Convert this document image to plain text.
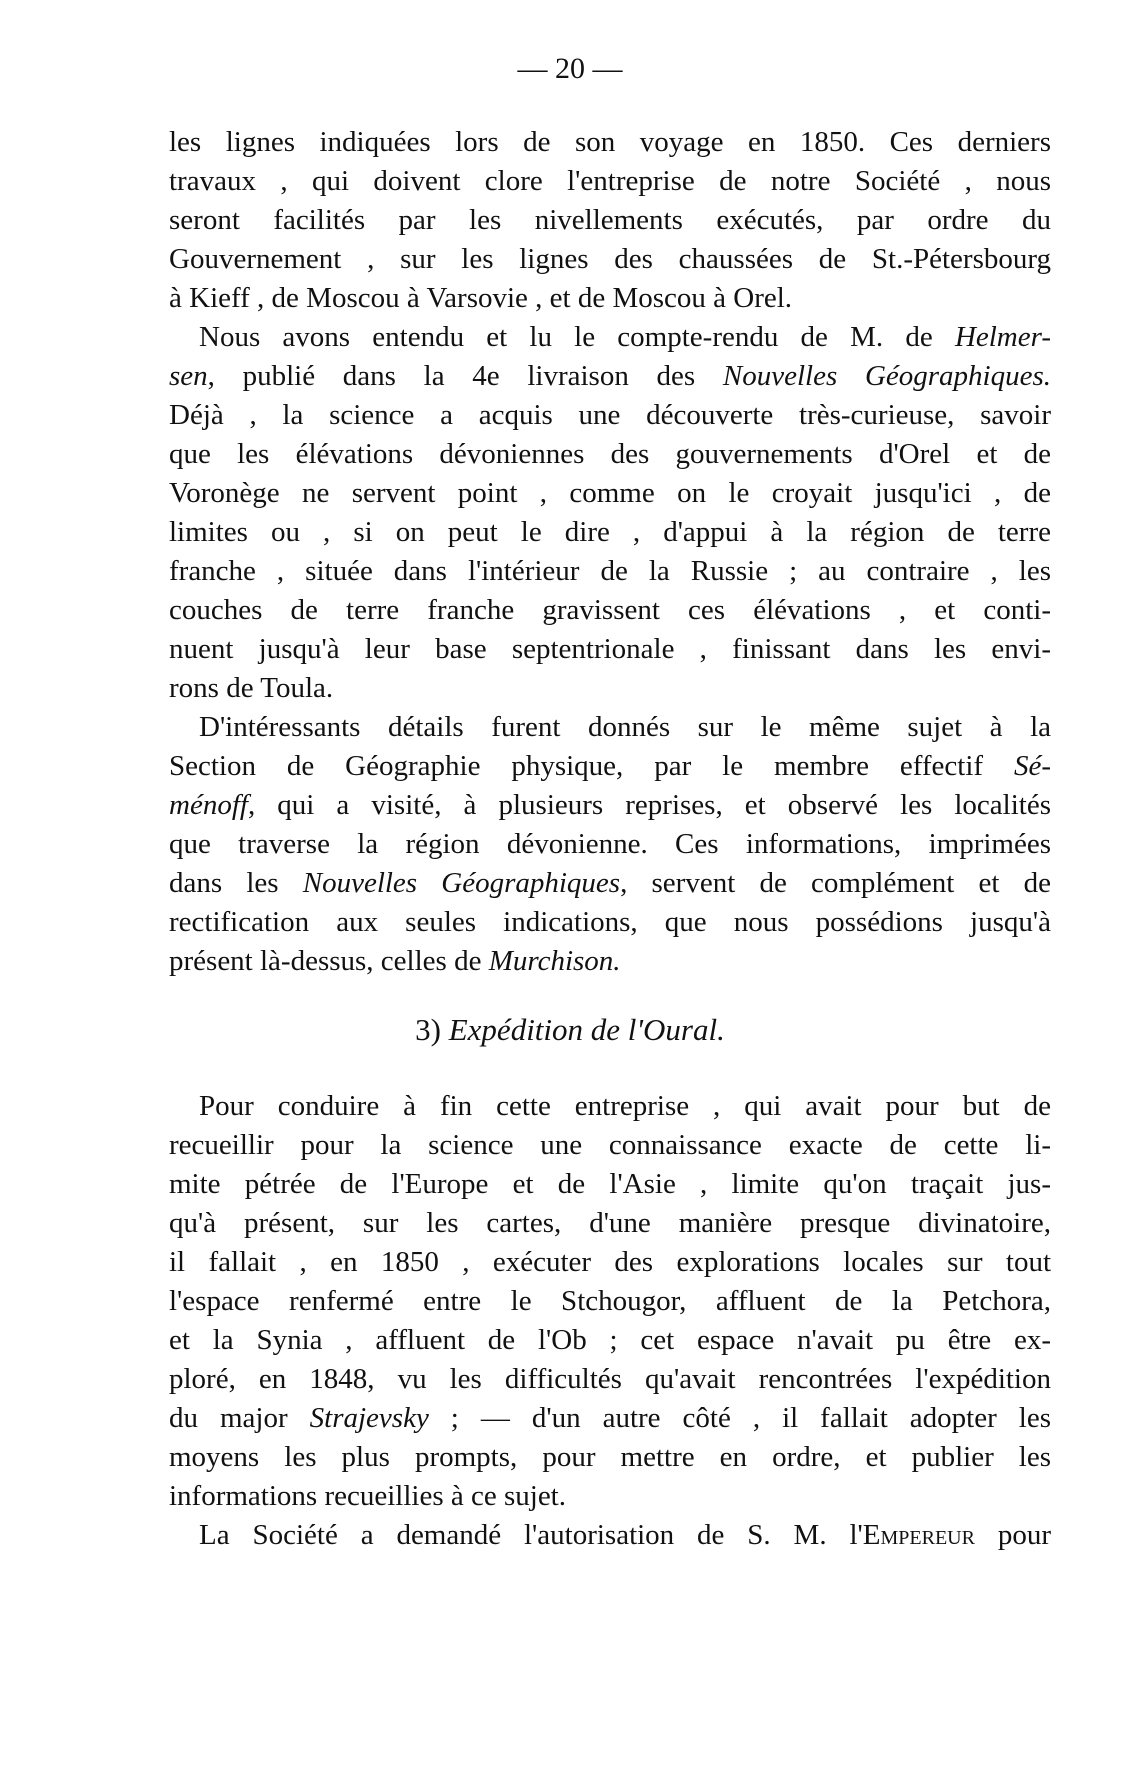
— 20 —
les lignes indiquées lors de son voyage en 1850. Ces derniers
travaux , qui doivent clore l'entreprise de notre Société , nous
seront facilités par les nivellements exécutés, par ordre du
Gouvernement , sur les lignes des chaussées de St.-Pétersbourg
à Kieff , de Moscou à Varsovie , et de Moscou à Orel.
Nous avons entendu et lu le compte-rendu de M. de Helmer-
sen, publié dans la 4e livraison des Nouvelles Géographiques.
Déjà , la science a acquis une découverte très-curieuse, savoir
que les élévations dévoniennes des gouvernements d'Orel et de
Voronège ne servent point , comme on le croyait jusqu'ici , de
limites ou , si on peut le dire , d'appui à la région de terre
franche , située dans l'intérieur de la Russie ; au contraire , les
couches de terre franche gravissent ces élévations , et conti-
nuent jusqu'à leur base septentrionale , finissant dans les envi-
rons de Toula.
D'intéressants détails furent donnés sur le même sujet à la
Section de Géographie physique, par le membre effectif Sé-
ménoff, qui a visité, à plusieurs reprises, et observé les localités
que traverse la région dévonienne. Ces informations, imprimées
dans les Nouvelles Géographiques, servent de complément et de
rectification aux seules indications, que nous possédions jusqu'à
présent là-dessus, celles de Murchison.
3) Expédition de l'Oural.
Pour conduire à fin cette entreprise , qui avait pour but de
recueillir pour la science une connaissance exacte de cette li-
mite pétrée de l'Europe et de l'Asie , limite qu'on traçait jus-
qu'à présent, sur les cartes, d'une manière presque divinatoire,
il fallait , en 1850 , exécuter des explorations locales sur tout
l'espace renfermé entre le Stchougor, affluent de la Petchora,
et la Synia , affluent de l'Ob ; cet espace n'avait pu être ex-
ploré, en 1848, vu les difficultés qu'avait rencontrées l'expédition
du major Strajevsky ; — d'un autre côté , il fallait adopter les
moyens les plus prompts, pour mettre en ordre, et publier les
informations recueillies à ce sujet.
La Société a demandé l'autorisation de S. M. l'Empereur pour
